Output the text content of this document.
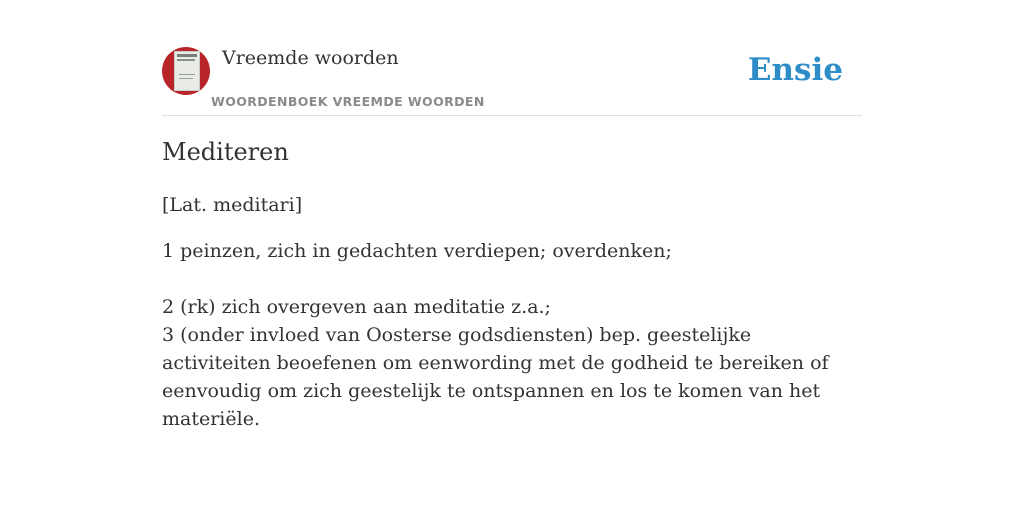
Vreemde woorden
WOORDENBOEK VREEMDE WOORDEN
Ensie
Mediteren
[Lat. meditari]
1 peinzen, zich in gedachten verdiepen; overdenken;
2 (rk) zich overgeven aan meditatie z.a.;
3 (onder invloed van Oosterse godsdiensten) bep. geestelijke activiteiten beoefenen om eenwording met de godheid te bereiken of eenvoudig om zich geestelijk te ontspannen en los te komen van het materiële.
